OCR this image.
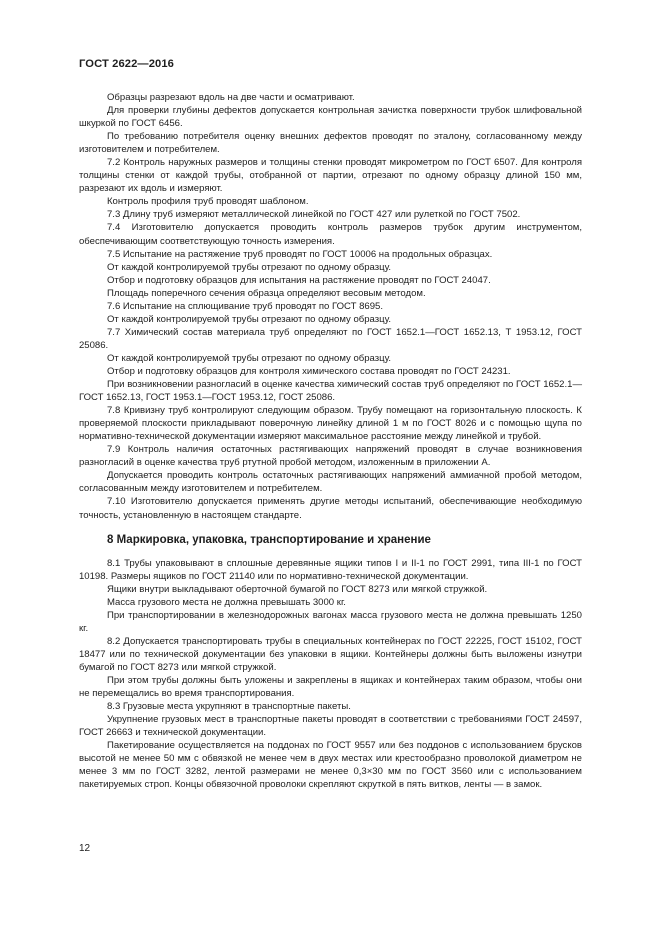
ГОСТ 2622—2016

Образцы разрезают вдоль на две части и осматривают.

Для проверки глубины дефектов допускается контрольная зачистка поверхности трубок шлифовальной шкуркой по ГОСТ 6456.

По требованию потребителя оценку внешних дефектов проводят по эталону, согласованному между изготовителем и потребителем.

7.2 Контроль наружных размеров и толщины стенки проводят микрометром по ГОСТ 6507. Для контроля толщины стенки от каждой трубы, отобранной от партии, отрезают по одному образцу длиной 150 мм, разрезают их вдоль и измеряют.

Контроль профиля труб проводят шаблоном.

7.3 Длину труб измеряют металлической линейкой по ГОСТ 427 или рулеткой по ГОСТ 7502.

7.4 Изготовителю допускается проводить контроль размеров трубок другим инструментом, обеспечивающим соответствующую точность измерения.

7.5 Испытание на растяжение труб проводят по ГОСТ 10006 на продольных образцах.

От каждой контролируемой трубы отрезают по одному образцу.

Отбор и подготовку образцов для испытания на растяжение проводят по ГОСТ 24047.

Площадь поперечного сечения образца определяют весовым методом.

7.6 Испытание на сплющивание труб проводят по ГОСТ 8695.

От каждой контролируемой трубы отрезают по одному образцу.

7.7 Химический состав материала труб определяют по ГОСТ 1652.1—ГОСТ 1652.13, Т 1953.12, ГОСТ 25086.

От каждой контролируемой трубы отрезают по одному образцу.

Отбор и подготовку образцов для контроля химического состава проводят по ГОСТ 24231.

При возникновении разногласий в оценке качества химический состав труб определяют по ГОСТ 1652.1—ГОСТ 1652.13, ГОСТ 1953.1—ГОСТ 1953.12, ГОСТ 25086.

7.8 Кривизну труб контролируют следующим образом. Трубу помещают на горизонтальную плоскость. К проверяемой плоскости прикладывают поверочную линейку длиной 1 м по ГОСТ 8026 и с помощью щупа по нормативно-технической документации измеряют максимальное расстояние между линейкой и трубой.

7.9 Контроль наличия остаточных растягивающих напряжений проводят в случае возникновения разногласий в оценке качества труб ртутной пробой методом, изложенным в приложении А.

Допускается проводить контроль остаточных растягивающих напряжений аммиачной пробой методом, согласованным между изготовителем и потребителем.

7.10 Изготовителю допускается применять другие методы испытаний, обеспечивающие необходимую точность, установленную в настоящем стандарте.

8 Маркировка, упаковка, транспортирование и хранение

8.1 Трубы упаковывают в сплошные деревянные ящики типов I и II-1 по ГОСТ 2991, типа III-1 по ГОСТ 10198. Размеры ящиков по ГОСТ 21140 или по нормативно-технической документации.

Ящики внутри выкладывают оберточной бумагой по ГОСТ 8273 или мягкой стружкой.

Масса грузового места не должна превышать 3000 кг.

При транспортировании в железнодорожных вагонах масса грузового места не должна превышать 1250 кг.

8.2 Допускается транспортировать трубы в специальных контейнерах по ГОСТ 22225, ГОСТ 15102, ГОСТ 18477 или по технической документации без упаковки в ящики. Контейнеры должны быть выложены изнутри бумагой по ГОСТ 8273 или мягкой стружкой.

При этом трубы должны быть уложены и закреплены в ящиках и контейнерах таким образом, чтобы они не перемещались во время транспортирования.

8.3 Грузовые места укрупняют в транспортные пакеты.

Укрупнение грузовых мест в транспортные пакеты проводят в соответствии с требованиями ГОСТ 24597, ГОСТ 26663 и технической документации.

Пакетирование осуществляется на поддонах по ГОСТ 9557 или без поддонов с использованием брусков высотой не менее 50 мм с обвязкой не менее чем в двух местах или крестообразно проволокой диаметром не менее 3 мм по ГОСТ 3282, лентой размерами не менее 0,3×30 мм по ГОСТ 3560 или с использованием пакетируемых строп. Концы обвязочной проволоки скрепляют скруткой в пять витков, ленты — в замок.

12
